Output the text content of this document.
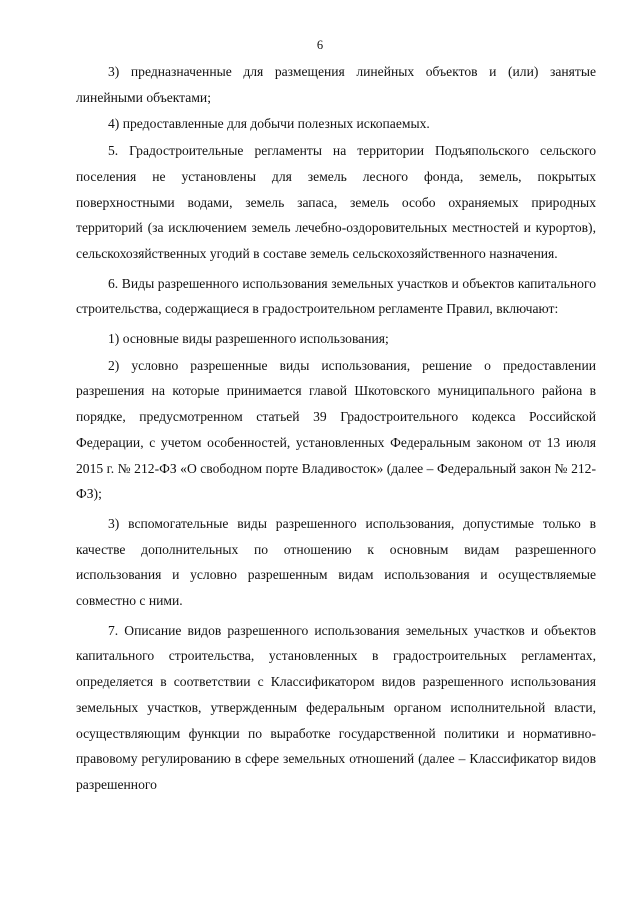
6

3) предназначенные для размещения линейных объектов и (или) занятые линейными объектами;

4) предоставленные для добычи полезных ископаемых.

5. Градостроительные регламенты на территории Подъяпольского сельского поселения не установлены для земель лесного фонда, земель, покрытых поверхностными водами, земель запаса, земель особо охраняемых природных территорий (за исключением земель лечебно-оздоровительных местностей и курортов), сельскохозяйственных угодий в составе земель сельскохозяйственного назначения.

6. Виды разрешенного использования земельных участков и объектов капитального строительства, содержащиеся в градостроительном регламенте Правил, включают:

1) основные виды разрешенного использования;

2) условно разрешенные виды использования, решение о предоставлении разрешения на которые принимается главой Шкотовского муниципального района в порядке, предусмотренном статьей 39 Градостроительного кодекса Российской Федерации, с учетом особенностей, установленных Федеральным законом от 13 июля 2015 г. № 212-ФЗ «О свободном порте Владивосток» (далее – Федеральный закон № 212-ФЗ);

3) вспомогательные виды разрешенного использования, допустимые только в качестве дополнительных по отношению к основным видам разрешенного использования и условно разрешенным видам использования и осуществляемые совместно с ними.

7. Описание видов разрешенного использования земельных участков и объектов капитального строительства, установленных в градостроительных регламентах, определяется в соответствии с Классификатором видов разрешенного использования земельных участков, утвержденным федеральным органом исполнительной власти, осуществляющим функции по выработке государственной политики и нормативно-правовому регулированию в сфере земельных отношений (далее – Классификатор видов разрешенного
